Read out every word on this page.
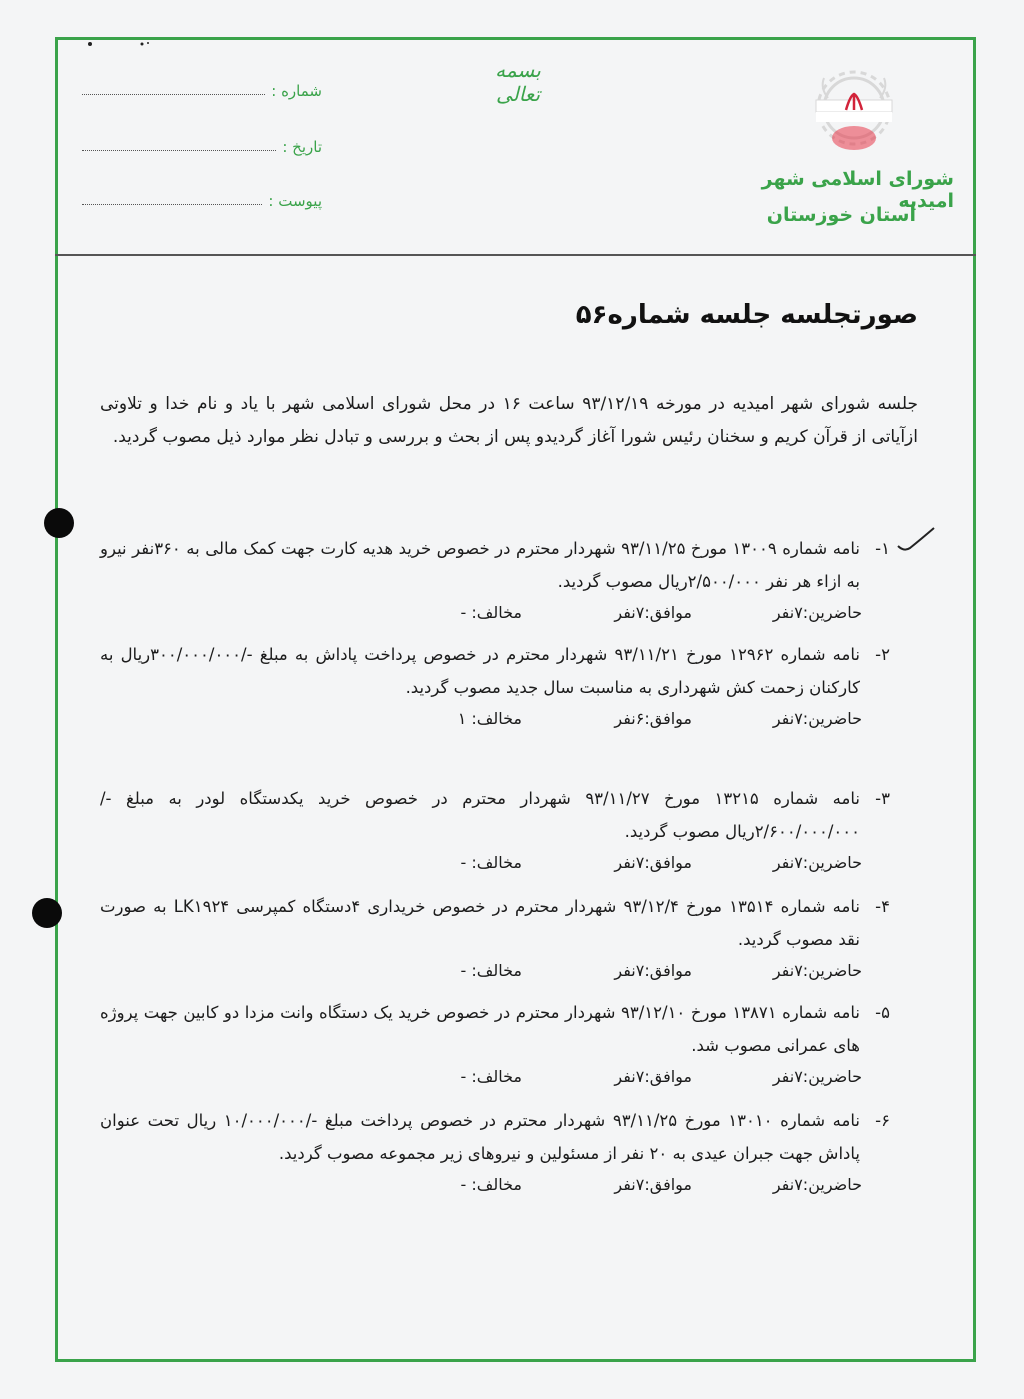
بسمه تعالی
شماره :
تاریخ :
پیوست :
شورای اسلامی شهر امیدیه
استان خوزستان
صورتجلسه جلسه شماره۵۶
جلسه شورای شهر امیدیه در مورخه ۹۳/۱۲/۱۹ ساعت ۱۶ در محل شورای اسلامی شهر با یاد و نام خدا و تلاوتی ازآیاتی از قرآن کریم و سخنان رئیس شورا آغاز گردیدو پس از بحث و بررسی و تبادل نظر موارد ذیل مصوب گردید.
۱-
نامه شماره ۱۳۰۰۹ مورخ ۹۳/۱۱/۲۵ شهردار محترم در خصوص خرید هدیه کارت جهت کمک مالی به ۳۶۰نفر نیرو به ازاء هر نفر ۲/۵۰۰/۰۰۰ریال مصوب گردید.
حاضرین:۷نفر
موافق:۷نفر
مخالف: -
۲-
نامه شماره ۱۲۹۶۲ مورخ ۹۳/۱۱/۲۱ شهردار محترم در خصوص پرداخت پاداش به مبلغ -/۳۰۰/۰۰۰/۰۰۰ریال به کارکنان زحمت کش شهرداری به مناسبت سال جدید مصوب گردید.
حاضرین:۷نفر
موافق:۶نفر
مخالف: ۱
۳-
نامه شماره ۱۳۲۱۵ مورخ ۹۳/۱۱/۲۷ شهردار محترم در خصوص خرید یکدستگاه لودر به مبلغ -/۲/۶۰۰/۰۰۰/۰۰۰ریال مصوب گردید.
حاضرین:۷نفر
موافق:۷نفر
مخالف: -
۴-
نامه شماره ۱۳۵۱۴ مورخ ۹۳/۱۲/۴ شهردار محترم در خصوص خریداری ۴دستگاه کمپرسی LK۱۹۲۴ به صورت نقد مصوب گردید.
حاضرین:۷نفر
موافق:۷نفر
مخالف: -
۵-
نامه شماره ۱۳۸۷۱ مورخ ۹۳/۱۲/۱۰ شهردار محترم در خصوص خرید یک دستگاه وانت مزدا دو کابین جهت پروژه های عمرانی مصوب شد.
حاضرین:۷نفر
موافق:۷نفر
مخالف: -
۶-
نامه شماره ۱۳۰۱۰ مورخ ۹۳/۱۱/۲۵ شهردار محترم در خصوص پرداخت مبلغ -/۱۰/۰۰۰/۰۰۰ ریال تحت عنوان پاداش جهت جبران عیدی به ۲۰ نفر از مسئولین و نیروهای زیر مجموعه مصوب گردید.
حاضرین:۷نفر
موافق:۷نفر
مخالف: -
